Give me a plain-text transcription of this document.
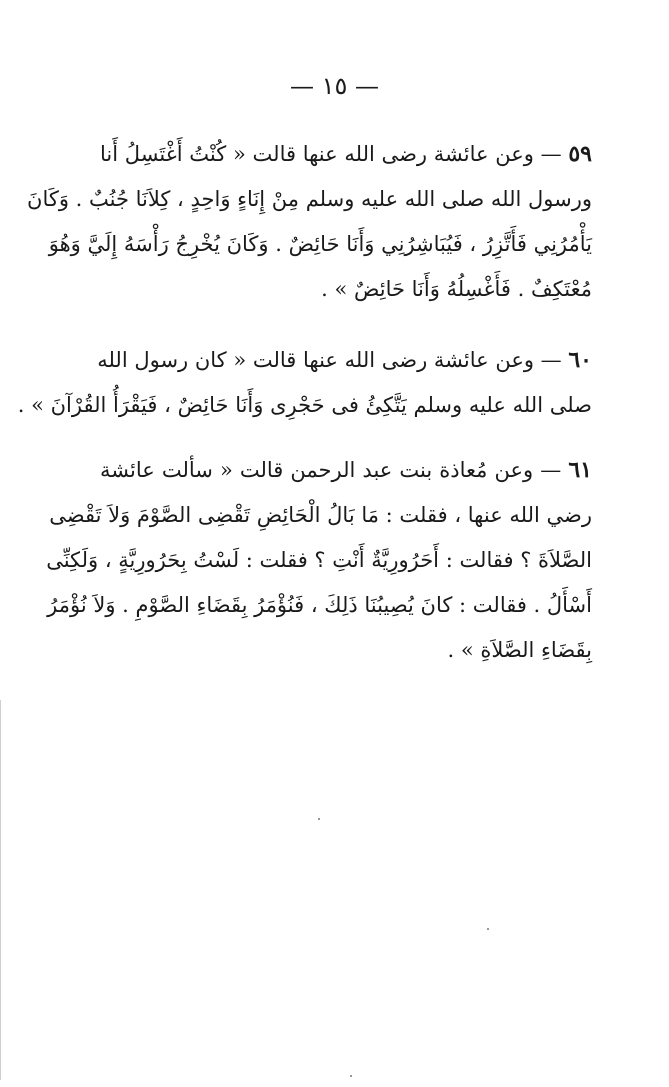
— ١٥ —
٥٩ — وعن عائشة رضى الله عنها قالت « كُنْتُ أَغْتَسِلُ أَنا
ورسول الله صلى الله عليه وسلم مِنْ إِنَاءٍ وَاحِدٍ ، كِلاَنَا جُنُبٌ . وَكَانَ
يَأْمُرُنِي فَأَتَّزِرُ ، فَيُبَاشِرُنِي وَأَنَا حَائِضٌ . وَكَانَ يُخْرِجُ رَأْسَهُ إِلَيَّ وَهُوَ
مُعْتَكِفٌ . فَأَغْسِلُهُ وَأَنَا حَائِضٌ » .
٦٠ — وعن عائشة رضى الله عنها قالت « كان رسول الله
صلى الله عليه وسلم يَتَّكِئُ فى حَجْرِى وَأَنَا حَائِضٌ ، فَيَقْرَأُ القُرْآنَ » .
٦١ — وعن مُعاذة بنت عبد الرحمن قالت « سألت عائشة
رضي الله عنها ، فقلت : مَا بَالُ الْحَائِضِ تَقْضِى الصَّوْمَ وَلاَ تَقْضِى
الصَّلاَةَ ؟ فقالت : أَحَرُورِيَّةٌ أَنْتِ ؟ فقلت : لَسْتُ بِحَرُورِيَّةٍ ، وَلَكِنِّى
أَسْأَلُ . فقالت : كانَ يُصِيبُنَا ذَلِكَ ، فَنُؤْمَرُ بِقَضَاءِ الصَّوْمِ . وَلاَ نُؤْمَرُ
بِقَضَاءِ الصَّلاَةِ » .
